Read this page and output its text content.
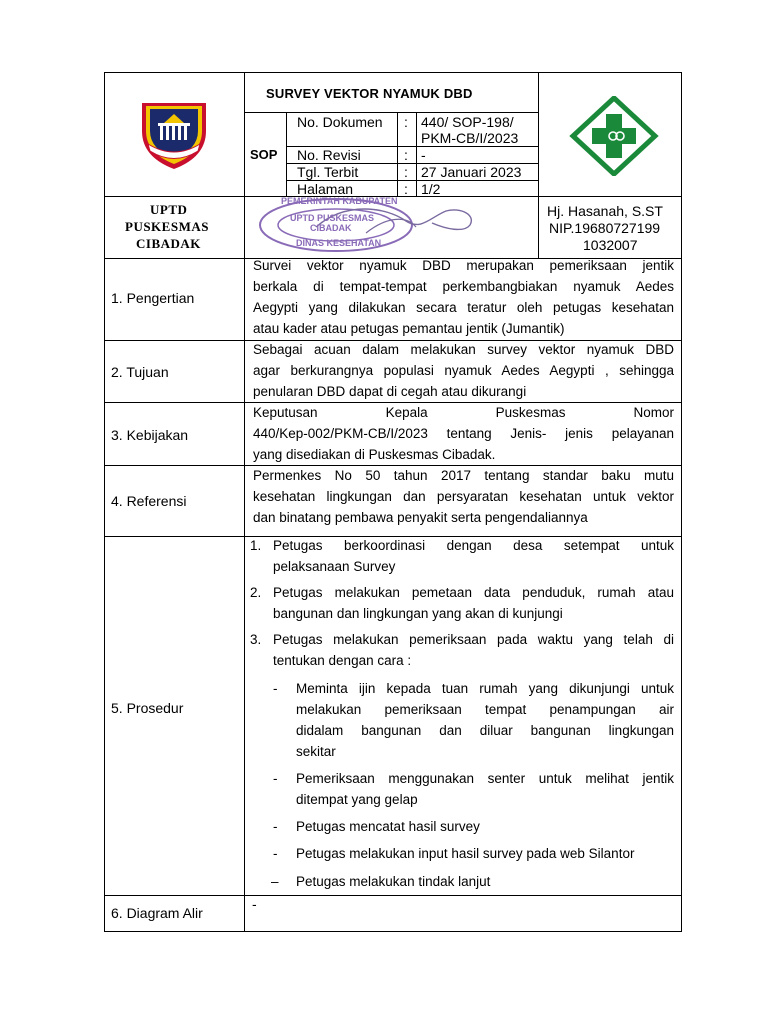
SURVEY VEKTOR NYAMUK DBD
SOP
No. Dokumen
No. Revisi
Tgl. Terbit
Halaman
:
:
:
:
440/ SOP-198/
PKM-CB/I/2023
-
27 Januari 2023
1/2
UPTD
PUSKESMAS
CIBADAK
PEMERINTAH KABUPATEN
UPTD PUSKESMAS
CIBADAK
DINAS KESEHATAN
Hj. Hasanah, S.ST
NIP.19680727199
1032007
1. Pengertian
Survei vektor nyamuk DBD merupakan pemeriksaan jentik
berkala di tempat-tempat perkembangbiakan nyamuk Aedes
Aegypti yang dilakukan secara teratur oleh petugas kesehatan
atau kader atau petugas pemantau jentik (Jumantik)
2. Tujuan
Sebagai acuan dalam melakukan survey vektor nyamuk DBD
agar berkurangnya populasi nyamuk Aedes Aegypti , sehingga
penularan DBD dapat di cegah atau dikurangi
3. Kebijakan
Keputusan Kepala Puskesmas Nomor
440/Kep-002/PKM-CB/I/2023 tentang Jenis- jenis pelayanan
yang disediakan di Puskesmas Cibadak.
4. Referensi
Permenkes No 50 tahun 2017 tentang standar baku mutu
kesehatan lingkungan dan persyaratan kesehatan untuk vektor
dan binatang pembawa penyakit serta pengendaliannya
5. Prosedur
1. Petugas berkoordinasi dengan desa setempat untuk
pelaksanaan Survey
2. Petugas melakukan pemetaan data penduduk, rumah atau
bangunan dan lingkungan yang akan di kunjungi
3. Petugas melakukan pemeriksaan pada waktu yang telah di
tentukan dengan cara :
- Meminta ijin kepada tuan rumah yang dikunjungi untuk
melakukan pemeriksaan tempat penampungan air
didalam bangunan dan diluar bangunan lingkungan
sekitar
- Pemeriksaan menggunakan senter untuk melihat jentik
ditempat yang gelap
- Petugas mencatat hasil survey
- Petugas melakukan input hasil survey pada web Silantor
– Petugas melakukan tindak lanjut
6. Diagram Alir
-
